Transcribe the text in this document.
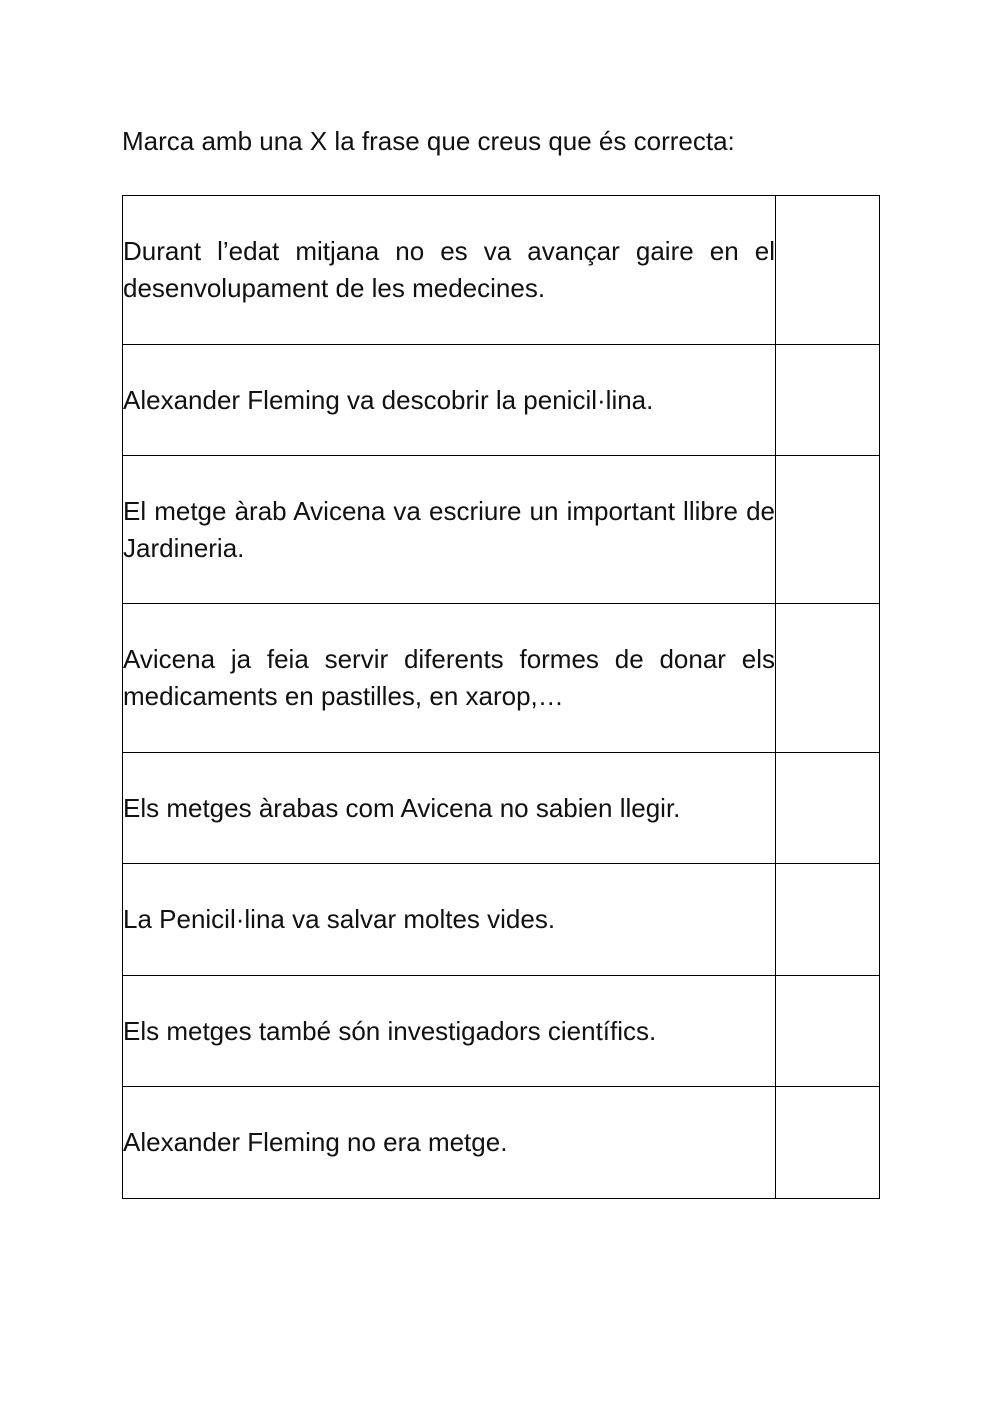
Marca amb una X la frase que creus que és correcta:
Durant l’edat mitjana no es va avançar gaire en el desenvolupament de les medecines.	
Alexander Fleming va descobrir la penicil·lina.	
El metge àrab Avicena va escriure un important llibre de Jardineria.	
Avicena ja feia servir diferents formes de donar els medicaments en pastilles, en xarop,…	
Els metges àrabas com Avicena no sabien llegir.	
La Penicil·lina va salvar moltes vides.	
Els metges també són investigadors científics.	
Alexander Fleming no era metge.	
